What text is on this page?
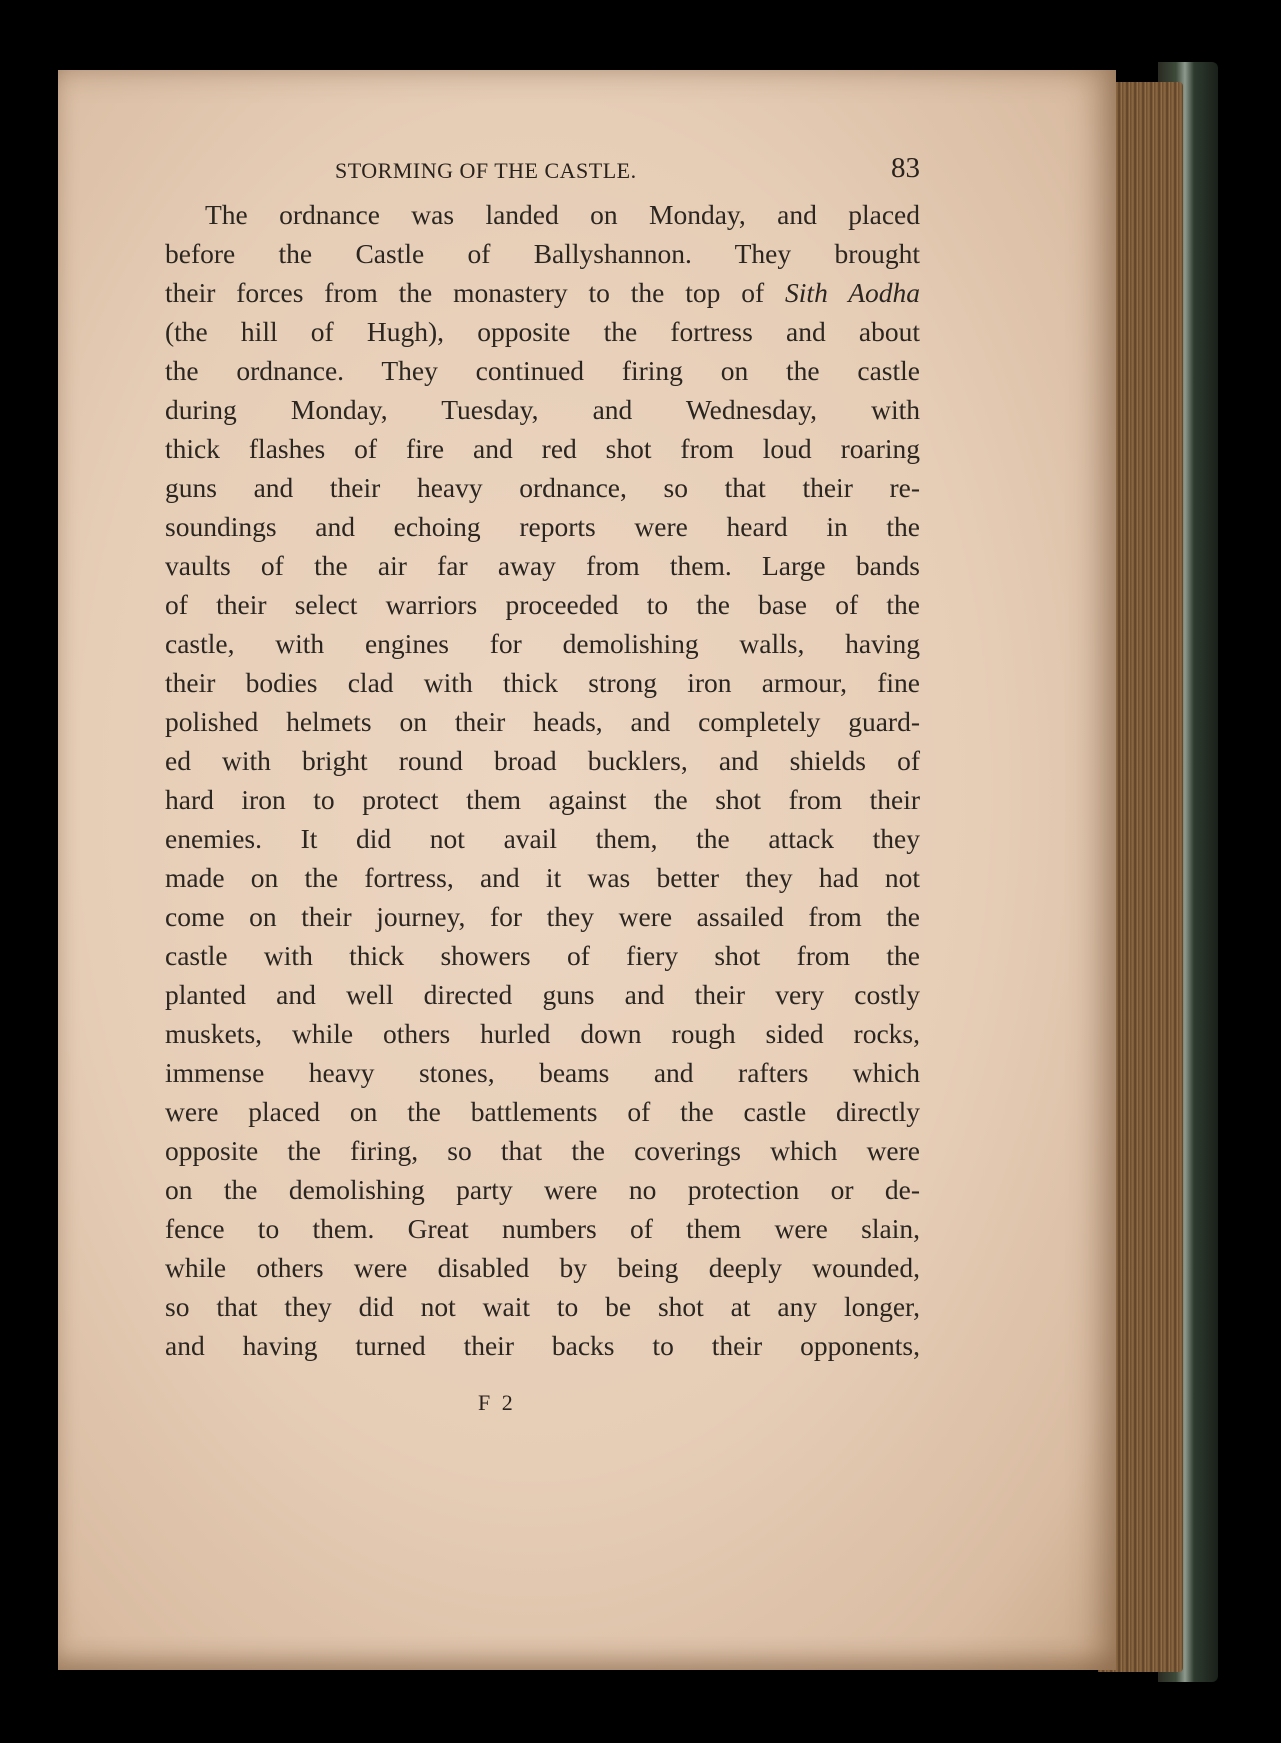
STORMING OF THE CASTLE.	83
The ordnance was landed on Monday, and placed
before the Castle of Ballyshannon. They brought
their forces from the monastery to the top of Sith Aodha
(the hill of Hugh), opposite the fortress and about
the ordnance. They continued firing on the castle
during Monday, Tuesday, and Wednesday, with
thick flashes of fire and red shot from loud roaring
guns and their heavy ordnance, so that their re-
soundings and echoing reports were heard in the
vaults of the air far away from them. Large bands
of their select warriors proceeded to the base of the
castle, with engines for demolishing walls, having
their bodies clad with thick strong iron armour, fine
polished helmets on their heads, and completely guard-
ed with bright round broad bucklers, and shields of
hard iron to protect them against the shot from their
enemies. It did not avail them, the attack they
made on the fortress, and it was better they had not
come on their journey, for they were assailed from the
castle with thick showers of fiery shot from the
planted and well directed guns and their very costly
muskets, while others hurled down rough sided rocks,
immense heavy stones, beams and rafters which
were placed on the battlements of the castle directly
opposite the firing, so that the coverings which were
on the demolishing party were no protection or de-
fence to them. Great numbers of them were slain,
while others were disabled by being deeply wounded,
so that they did not wait to be shot at any longer,
and having turned their backs to their opponents,
F 2
